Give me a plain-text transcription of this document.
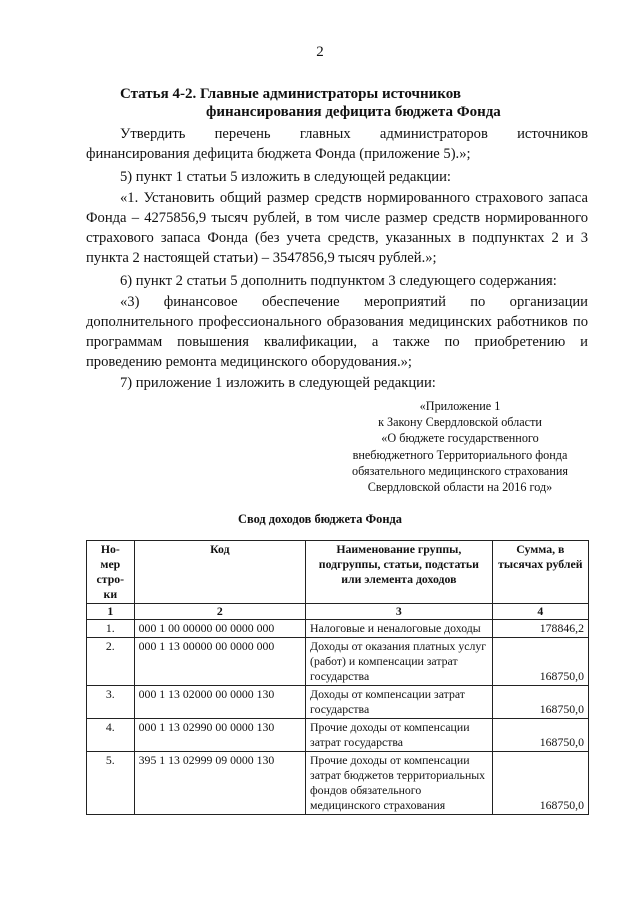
2
Статья 4-2. Главные администраторы источников
финансирования дефицита бюджета Фонда
Утвердить перечень главных администраторов источников финансирования дефицита бюджета Фонда (приложение 5).»;
5) пункт 1 статьи 5 изложить в следующей редакции:
«1. Установить общий размер средств нормированного страхового запаса Фонда – 4275856,9 тысяч рублей, в том числе размер средств нормированного страхового запаса Фонда (без учета средств, указанных в подпунктах 2 и 3 пункта 2 настоящей статьи) – 3547856,9 тысяч рублей.»;
6) пункт 2 статьи 5 дополнить подпунктом 3 следующего содержания:
«3) финансовое обеспечение мероприятий по организации дополнительного профессионального образования медицинских работников по программам повышения квалификации, а также по приобретению и проведению ремонта медицинского оборудования.»;
7) приложение 1 изложить в следующей редакции:
«Приложение 1
к Закону Свердловской области
«О бюджете государственного
внебюджетного Территориального фонда
обязательного медицинского страхования
Свердловской области на 2016 год»
Свод доходов бюджета Фонда
Но-мер стро-ки	Код	Наименование группы, подгруппы, статьи, подстатьи или элемента доходов	Сумма, в тысячах рублей
1	2	3	4
1.	000 1 00 00000 00 0000 000	Налоговые и неналоговые доходы	178846,2
2.	000 1 13 00000 00 0000 000	Доходы от оказания платных услуг (работ) и компенсации затрат государства	168750,0
3.	000 1 13 02000 00 0000 130	Доходы от компенсации затрат государства	168750,0
4.	000 1 13 02990 00 0000 130	Прочие доходы от компенсации затрат государства	168750,0
5.	395 1 13 02999 09 0000 130	Прочие доходы от компенсации затрат бюджетов территориальных фондов обязательного медицинского страхования	168750,0
